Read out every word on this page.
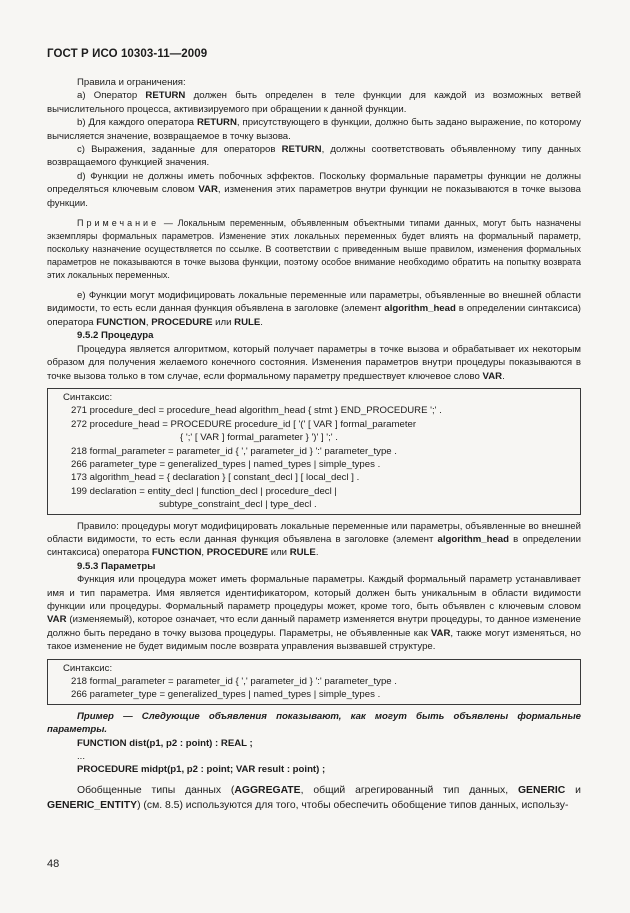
ГОСТ Р ИСО 10303-11—2009

Правила и ограничения:

а) Оператор RETURN должен быть определен в теле функции для каждой из возможных ветвей вычислительного процесса, активизируемого при обращении к данной функции.

b) Для каждого оператора RETURN, присутствующего в функции, должно быть задано выражение, по которому вычисляется значение, возвращаемое в точку вызова.

с) Выражения, заданные для операторов RETURN, должны соответствовать объявленному типу данных возвращаемого функцией значения.

d) Функции не должны иметь побочных эффектов. Поскольку формальные параметры функции не должны определяться ключевым словом VAR, изменения этих параметров внутри функции не показываются в точке вызова функции.

Примечание — Локальным переменным, объявленным объектными типами данных, могут быть назначены экземпляры формальных параметров. Изменение этих локальных переменных будет влиять на формальный параметр, поскольку назначение осуществляется по ссылке. В соответствии с приведенным выше правилом, изменения формальных параметров не показываются в точке вызова функции, поэтому особое внимание необходимо обратить на попытку возврата этих локальных переменных.

е) Функции могут модифицировать локальные переменные или параметры, объявленные во внешней области видимости, то есть если данная функция объявлена в заголовке (элемент algorithm_head в определении синтаксиса) оператора FUNCTION, PROCEDURE или RULE.

9.5.2 Процедура

Процедура является алгоритмом, который получает параметры в точке вызова и обрабатывает их некоторым образом для получения желаемого конечного состояния. Изменения параметров внутри процедуры показываются в точке вызова только в том случае, если формальному параметру предшествует ключевое слово VAR.

Синтаксис:
271 procedure_decl = procedure_head algorithm_head { stmt } END_PROCEDURE ';' .
272 procedure_head = PROCEDURE procedure_id [ '(' [ VAR ] formal_parameter
{ ';' [ VAR ] formal_parameter } ')' ] ';' .
218 formal_parameter = parameter_id { ',' parameter_id } ':' parameter_type .
266 parameter_type = generalized_types | named_types | simple_types .
173 algorithm_head = { declaration } [ constant_decl ] [ local_decl ] .
199 declaration = entity_decl | function_decl | procedure_decl |
subtype_constraint_decl | type_decl .

Правило: процедуры могут модифицировать локальные переменные или параметры, объявленные во внешней области видимости, то есть если данная функция объявлена в заголовке (элемент algorithm_head в определении синтаксиса) оператора FUNCTION, PROCEDURE или RULE.

9.5.3 Параметры

Функция или процедура может иметь формальные параметры. Каждый формальный параметр устанавливает имя и тип параметра. Имя является идентификатором, который должен быть уникальным в области видимости функции или процедуры. Формальный параметр процедуры может, кроме того, быть объявлен с ключевым словом VAR (изменяемый), которое означает, что если данный параметр изменяется внутри процедуры, то данное изменение должно быть передано в точку вызова процедуры. Параметры, не объявленные как VAR, также могут изменяться, но такое изменение не будет видимым после возврата управления вызвавшей структуре.

Синтаксис:
218 formal_parameter = parameter_id { ',' parameter_id } ':' parameter_type .
266 parameter_type = generalized_types | named_types | simple_types .

Пример — Следующие объявления показывают, как могут быть объявлены формальные параметры.

FUNCTION dist(p1, p2 : point) : REAL ;
...
PROCEDURE midpt(p1, p2 : point; VAR result : point) ;

Обобщенные типы данных (AGGREGATE, общий агрегированный тип данных, GENERIC и GENERIC_ENTITY) (см. 8.5) используются для того, чтобы обеспечить обобщение типов данных, использу-

48
